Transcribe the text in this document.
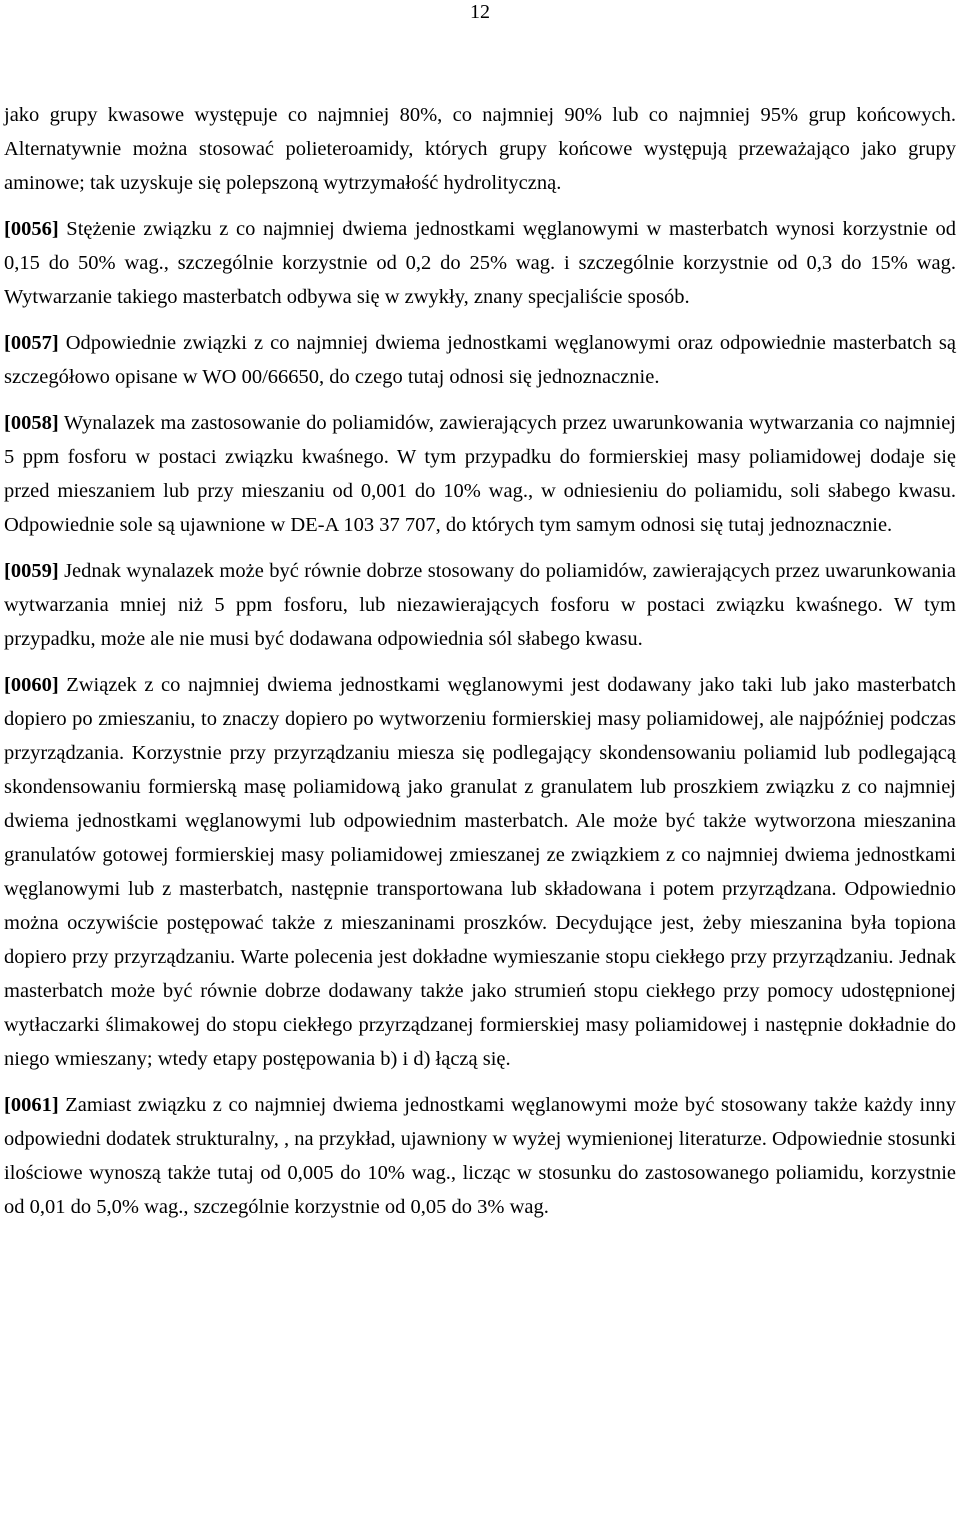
12

jako grupy kwasowe występuje co najmniej 80%, co najmniej 90% lub co najmniej 95% grup końcowych. Alternatywnie można stosować polieteroamidy, których grupy końcowe występują przeważająco jako grupy aminowe; tak uzyskuje się polepszoną wytrzymałość hydrolityczną.

[0056] Stężenie związku z co najmniej dwiema jednostkami węglanowymi w masterbatch wynosi korzystnie od 0,15 do 50% wag., szczególnie korzystnie od 0,2 do 25% wag. i szczególnie korzystnie od 0,3 do 15% wag. Wytwarzanie takiego masterbatch odbywa się w zwykły, znany specjaliście sposób.

[0057] Odpowiednie związki z co najmniej dwiema jednostkami węglanowymi oraz odpowiednie masterbatch są szczegółowo opisane w WO 00/66650, do czego tutaj odnosi się jednoznacznie.

[0058] Wynalazek ma zastosowanie do poliamidów, zawierających przez uwarunkowania wytwarzania co najmniej 5 ppm fosforu w postaci związku kwaśnego. W tym przypadku do formierskiej masy poliamidowej dodaje się przed mieszaniem lub przy mieszaniu od 0,001 do 10% wag., w odniesieniu do poliamidu, soli słabego kwasu. Odpowiednie sole są ujawnione w DE-A 103 37 707, do których tym samym odnosi się tutaj jednoznacznie.

[0059] Jednak wynalazek może być równie dobrze stosowany do poliamidów, zawierających przez uwarunkowania wytwarzania mniej niż 5 ppm fosforu, lub niezawierających fosforu w postaci związku kwaśnego. W tym przypadku, może ale nie musi być dodawana odpowiednia sól słabego kwasu.

[0060] Związek z co najmniej dwiema jednostkami węglanowymi jest dodawany jako taki lub jako masterbatch dopiero po zmieszaniu, to znaczy dopiero po wytworzeniu formierskiej masy poliamidowej, ale najpóźniej podczas przyrządzania. Korzystnie przy przyrządzaniu miesza się podlegający skondensowaniu poliamid lub podlegającą skondensowaniu formierską masę poliamidową jako granulat z granulatem lub proszkiem związku z co najmniej dwiema jednostkami węglanowymi lub odpowiednim masterbatch. Ale może być także wytworzona mieszanina granulatów gotowej formierskiej masy poliamidowej zmieszanej ze związkiem z co najmniej dwiema jednostkami węglanowymi lub z masterbatch, następnie transportowana lub składowana i potem przyrządzana. Odpowiednio można oczywiście postępować także z mieszaninami proszków. Decydujące jest, żeby mieszanina była topiona dopiero przy przyrządzaniu. Warte polecenia jest dokładne wymieszanie stopu ciekłego przy przyrządzaniu. Jednak masterbatch może być równie dobrze dodawany także jako strumień stopu ciekłego przy pomocy udostępnionej wytłaczarki ślimakowej do stopu ciekłego przyrządzanej formierskiej masy poliamidowej i następnie dokładnie do niego wmieszany; wtedy etapy postępowania b) i d) łączą się.

[0061] Zamiast związku z co najmniej dwiema jednostkami węglanowymi może być stosowany także każdy inny odpowiedni dodatek strukturalny, , na przykład, ujawniony w wyżej wymienionej literaturze. Odpowiednie stosunki ilościowe wynoszą także tutaj od 0,005 do 10% wag., licząc w stosunku do zastosowanego poliamidu, korzystnie od 0,01 do 5,0% wag., szczególnie korzystnie od 0,05 do 3% wag.
